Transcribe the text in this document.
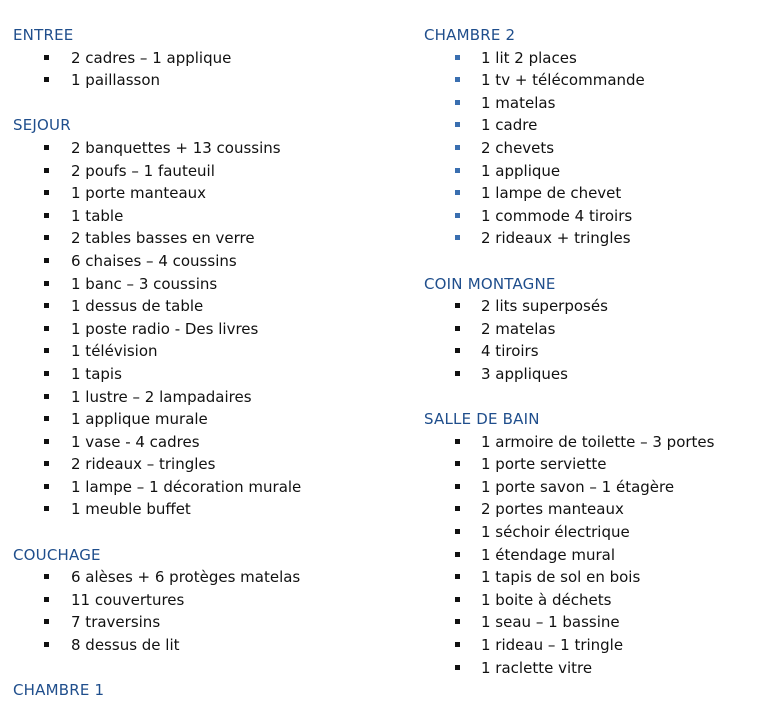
ENTREE
2 cadres – 1 applique
1 paillasson
SEJOUR
2 banquettes + 13 coussins
2 poufs – 1 fauteuil
1 porte manteaux
1 table
2 tables basses en verre
6 chaises – 4 coussins
1 banc – 3 coussins
1 dessus de table
1 poste radio - Des livres
1 télévision
1 tapis
1 lustre – 2 lampadaires
1 applique murale
1 vase - 4 cadres
2 rideaux – tringles
1 lampe – 1 décoration murale
1 meuble buffet
COUCHAGE
6 alèses + 6 protèges matelas
11 couvertures
7 traversins
8 dessus de lit
CHAMBRE 1
CHAMBRE 2
1 lit 2 places
1 tv + télécommande
1 matelas
1 cadre
2 chevets
1 applique
1 lampe de chevet
1 commode 4 tiroirs
2 rideaux + tringles
COIN MONTAGNE
2 lits superposés
2 matelas
4 tiroirs
3 appliques
SALLE DE BAIN
1 armoire de toilette – 3 portes
1 porte serviette
1 porte savon – 1 étagère
2 portes manteaux
1 séchoir électrique
1 étendage mural
1 tapis de sol en bois
1 boite à déchets
1 seau – 1 bassine
1 rideau – 1 tringle
1 raclette vitre
